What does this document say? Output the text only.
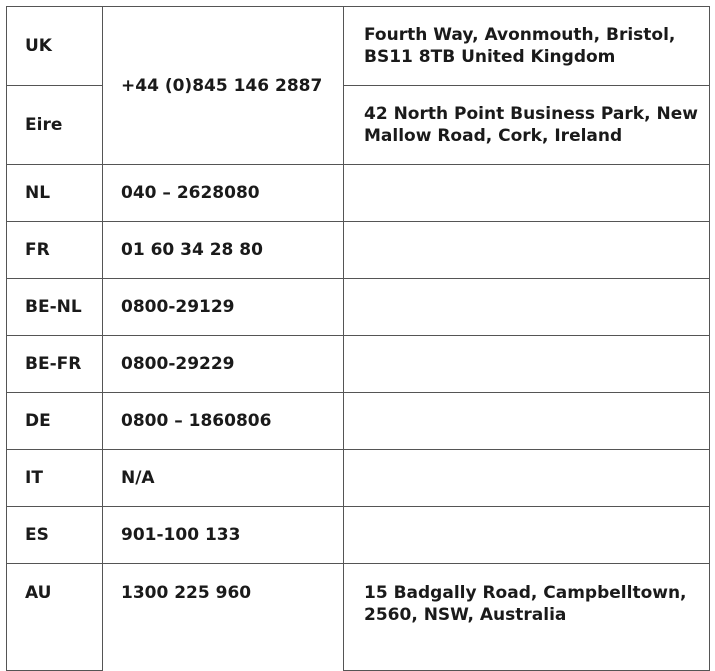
UK	+44 (0)845 146 2887	Fourth Way, Avonmouth, Bristol,
BS11 8TB United Kingdom
Eire		42 North Point Business Park, New
Mallow Road, Cork, Ireland
NL	040 – 2628080	
FR	01 60 34 28 80	
BE-NL	0800-29129	
BE-FR	0800-29229	
DE	0800 – 1860806	
IT	N/A	
ES	901-100 133	
AU	1300 225 960	15 Badgally Road, Campbelltown,
2560, NSW, Australia
